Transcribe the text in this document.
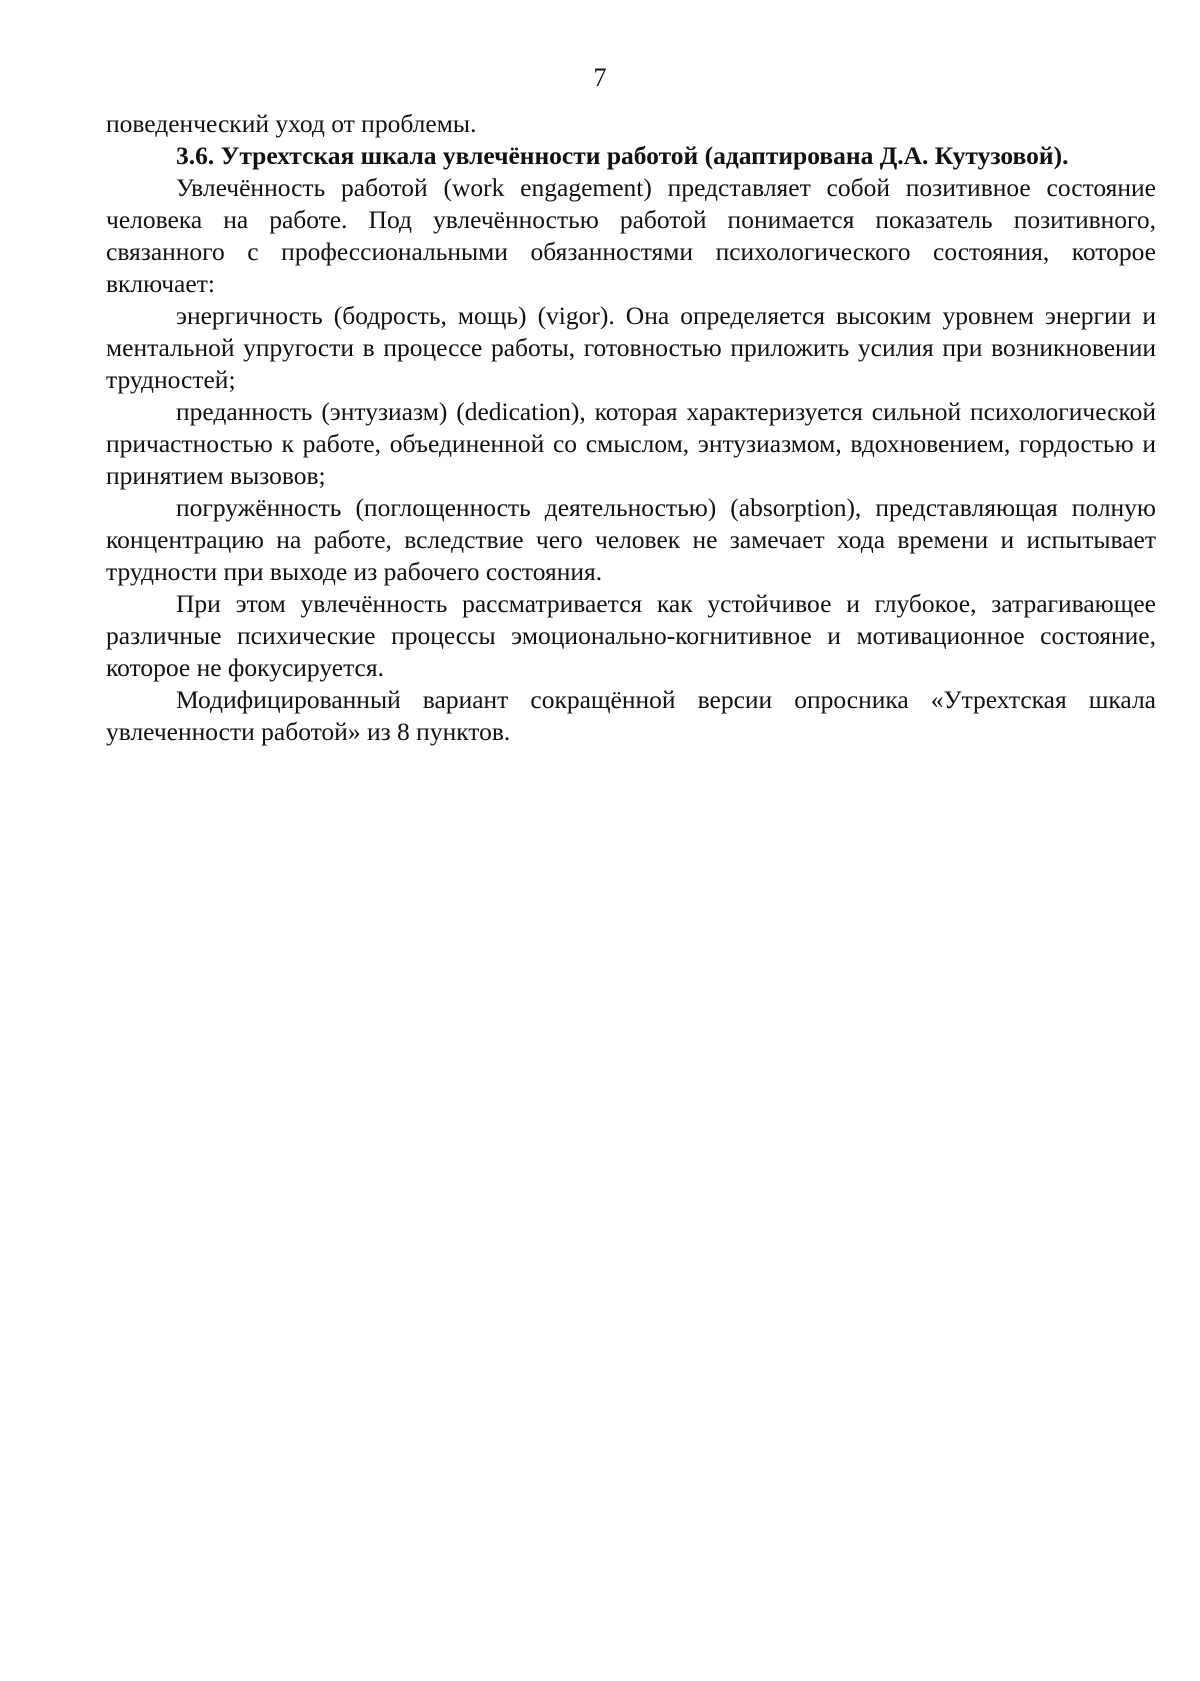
7

поведенческий уход от проблемы.

3.6. Утрехтская шкала увлечённости работой (адаптирована Д.А. Кутузовой).

Увлечённость работой (work engagement) представляет собой позитивное состояние человека на работе. Под увлечённостью работой понимается показатель позитивного, связанного с профессиональными обязанностями психологического состояния, которое включает:

энергичность (бодрость, мощь) (vigor). Она определяется высоким уровнем энергии и ментальной упругости в процессе работы, готовностью приложить усилия при возникновении трудностей;

преданность (энтузиазм) (dedication), которая характеризуется сильной психологической причастностью к работе, объединенной со смыслом, энтузиазмом, вдохновением, гордостью и принятием вызовов;

погружённость (поглощенность деятельностью) (absorption), представляющая полную концентрацию на работе, вследствие чего человек не замечает хода времени и испытывает трудности при выходе из рабочего состояния.

При этом увлечённость рассматривается как устойчивое и глубокое, затрагивающее различные психические процессы эмоционально-когнитивное и мотивационное состояние, которое не фокусируется.

Модифицированный вариант сокращённой версии опросника «Утрехтская шкала увлеченности работой» из 8 пунктов.
